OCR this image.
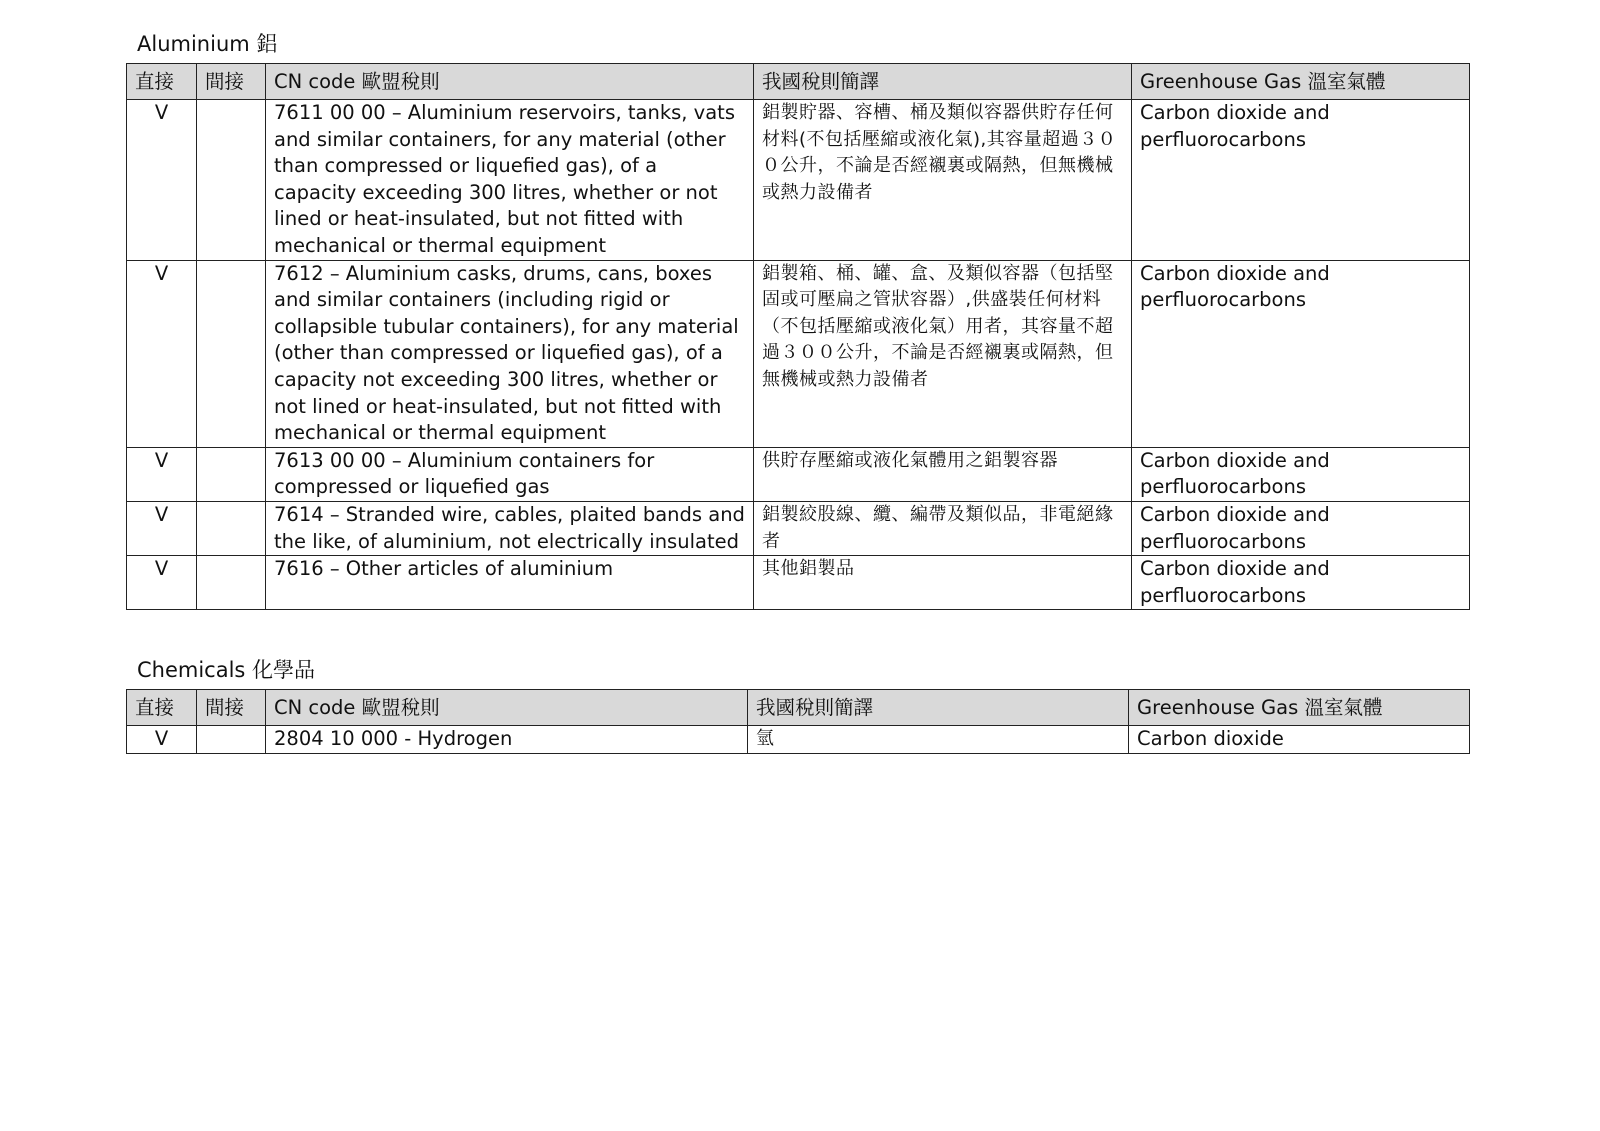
Aluminium 鋁
直接	間接	CN code 歐盟稅則	我國稅則簡譯	Greenhouse Gas 溫室氣體
V		7611 00 00 – Aluminium reservoirs, tanks, vats and similar containers, for any material (other than compressed or liquefied gas), of a capacity exceeding 300 litres, whether or not lined or heat-insulated, but not fitted with mechanical or thermal equipment	鋁製貯器、容槽、桶及類似容器供貯存任何材料(不包括壓縮或液化氣),其容量超過３００公升，不論是否經襯裏或隔熱，但無機械或熱力設備者	Carbon dioxide and perfluorocarbons
V		7612 – Aluminium casks, drums, cans, boxes and similar containers (including rigid or collapsible tubular containers), for any material (other than compressed or liquefied gas), of a capacity not exceeding 300 litres, whether or not lined or heat-insulated, but not fitted with mechanical or thermal equipment	鋁製箱、桶、罐、盒、及類似容器（包括堅固或可壓扁之管狀容器）,供盛裝任何材料（不包括壓縮或液化氣）用者，其容量不超過３００公升，不論是否經襯裏或隔熱，但無機械或熱力設備者	Carbon dioxide and perfluorocarbons
V		7613 00 00 – Aluminium containers for compressed or liquefied gas	供貯存壓縮或液化氣體用之鋁製容器	Carbon dioxide and perfluorocarbons
V		7614 – Stranded wire, cables, plaited bands and the like, of aluminium, not electrically insulated	鋁製絞股線、纜、編帶及類似品，非電絕緣者	Carbon dioxide and perfluorocarbons
V		7616 – Other articles of aluminium	其他鋁製品	Carbon dioxide and perfluorocarbons
Chemicals 化學品
直接	間接	CN code 歐盟稅則	我國稅則簡譯	Greenhouse Gas 溫室氣體
V		2804 10 000 - Hydrogen	氫	Carbon dioxide
